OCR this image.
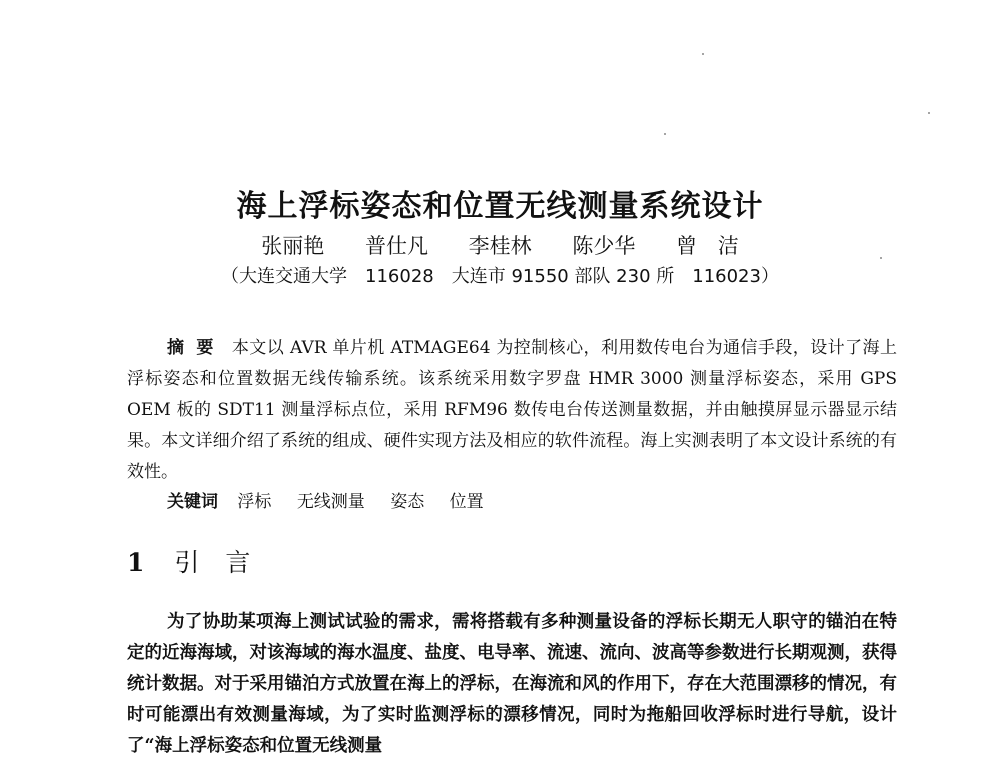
海上浮标姿态和位置无线测量系统设计
张丽艳 普仕凡 李桂林 陈少华 曾 洁
（大连交通大学　116028　大连市 91550 部队 230 所　116023）

摘要 本文以 AVR 单片机 ATMAGE64 为控制核心，利用数传电台为通信手段，设计了海上浮标姿态和位置数据无线传输系统。该系统采用数字罗盘 HMR 3000 测量浮标姿态，采用 GPS OEM 板的 SDT11 测量浮标点位，采用 RFM96 数传电台传送测量数据，并由触摸屏显示器显示结果。本文详细介绍了系统的组成、硬件实现方法及相应的软件流程。海上实测表明了本文设计系统的有效性。

关键词 浮标 无线测量 姿态 位置
1 引言

为了协助某项海上测试试验的需求，需将搭载有多种测量设备的浮标长期无人职守的锚泊在特定的近海海域，对该海域的海水温度、盐度、电导率、流速、流向、波高等参数进行长期观测，获得统计数据。对于采用锚泊方式放置在海上的浮标，在海流和风的作用下，存在大范围漂移的情况，有时可能漂出有效测量海域，为了实时监测浮标的漂移情况，同时为拖船回收浮标时进行导航，设计了“海上浮标姿态和位置无线测量
